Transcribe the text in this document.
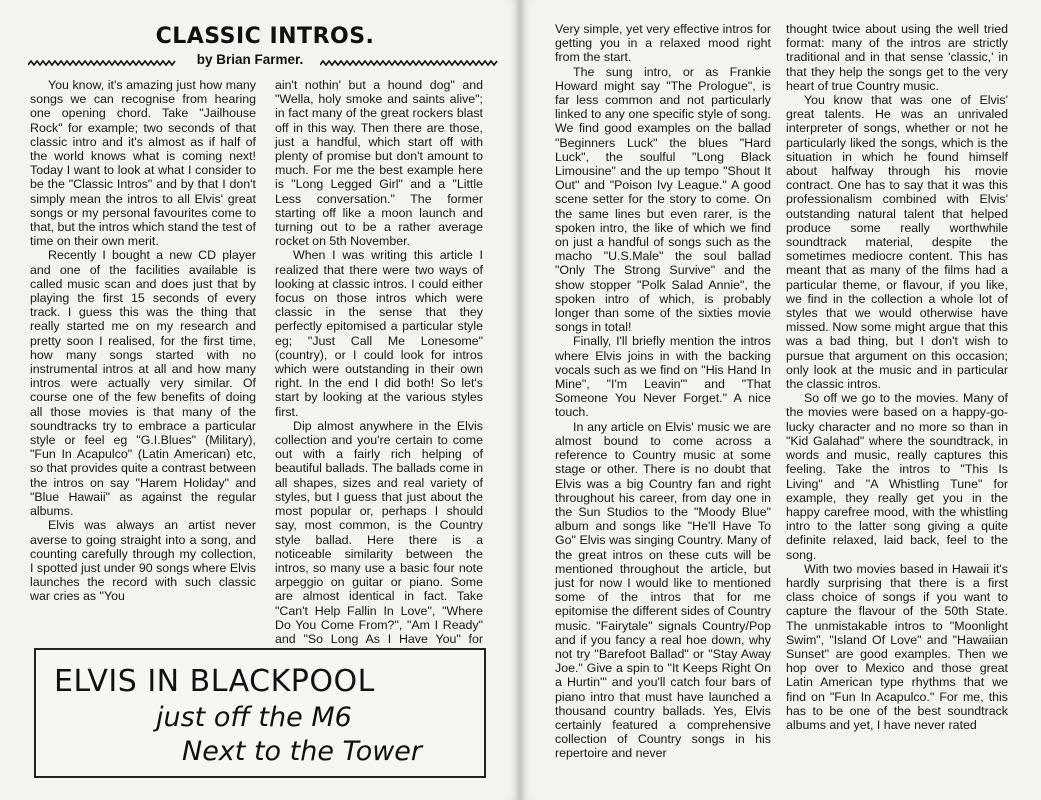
CLASSIC INTROS.
by Brian Farmer.

You know, it's amazing just how many songs we can recognise from hearing one opening chord. Take "Jailhouse Rock" for example; two seconds of that classic intro and it's almost as if half of the world knows what is coming next! Today I want to look at what I consider to be the "Classic Intros" and by that I don't simply mean the intros to all Elvis' great songs or my personal favourites come to that, but the intros which stand the test of time on their own merit.

Recently I bought a new CD player and one of the facilities available is called music scan and does just that by playing the first 15 seconds of every track. I guess this was the thing that really started me on my research and pretty soon I realised, for the first time, how many songs started with no instrumental intros at all and how many intros were actually very similar. Of course one of the few benefits of doing all those movies is that many of the soundtracks try to embrace a particular style or feel eg "G.I.Blues" (Military), "Fun In Acapulco" (Latin American) etc, so that provides quite a contrast between the intros on say "Harem Holiday" and "Blue Hawaii" as against the regular albums.

Elvis was always an artist never averse to going straight into a song, and counting carefully through my collection, I spotted just under 90 songs where Elvis launches the record with such classic war cries as "You

ain't nothin' but a hound dog" and "Wella, holy smoke and saints alive"; in fact many of the great rockers blast off in this way. Then there are those, just a handful, which start off with plenty of promise but don't amount to much. For me the best example here is "Long Legged Girl" and a "Little Less conversation." The former starting off like a moon launch and turning out to be a rather average rocket on 5th November.

When I was writing this article I realized that there were two ways of looking at classic intros. I could either focus on those intros which were classic in the sense that they perfectly epitomised a particular style eg; "Just Call Me Lonesome" (country), or I could look for intros which were outstanding in their own right. In the end I did both! So let's start by looking at the various styles first.

Dip almost anywhere in the Elvis collection and you're certain to come out with a fairly rich helping of beautiful ballads. The ballads come in all shapes, sizes and real variety of styles, but I guess that just about the most popular or, perhaps I should say, most common, is the Country style ballad. Here there is a noticeable similarity between the intros, so many use a basic four note arpeggio on guitar or piano. Some are almost identical in fact. Take "Can't Help Fallin In Love", "Where Do You Come From?", "Am I Ready" and "So Long As I Have You" for

ELVIS IN BLACKPOOL
just off the M6
Next to the Tower

Very simple, yet very effective intros for getting you in a relaxed mood right from the start.

The sung intro, or as Frankie Howard might say "The Prologue", is far less common and not particularly linked to any one specific style of song. We find good examples on the ballad "Beginners Luck" the blues "Hard Luck", the soulful "Long Black Limousine" and the up tempo "Shout It Out" and "Poison Ivy League." A good scene setter for the story to come. On the same lines but even rarer, is the spoken intro, the like of which we find on just a handful of songs such as the macho "U.S.Male" the soul ballad "Only The Strong Survive" and the show stopper "Polk Salad Annie", the spoken intro of which, is probably longer than some of the sixties movie songs in total!

Finally, I'll briefly mention the intros where Elvis joins in with the backing vocals such as we find on "His Hand In Mine", "I'm Leavin'" and "That Someone You Never Forget." A nice touch.

In any article on Elvis' music we are almost bound to come across a reference to Country music at some stage or other. There is no doubt that Elvis was a big Country fan and right throughout his career, from day one in the Sun Studios to the "Moody Blue" album and songs like "He'll Have To Go" Elvis was singing Country. Many of the great intros on these cuts will be mentioned throughout the article, but just for now I would like to mentioned some of the intros that for me epitomise the different sides of Country music. "Fairytale" signals Country/Pop and if you fancy a real hoe down, why not try "Barefoot Ballad" or "Stay Away Joe." Give a spin to "It Keeps Right On a Hurtin'" and you'll catch four bars of piano intro that must have launched a thousand country ballads. Yes, Elvis certainly featured a comprehensive collection of Country songs in his repertoire and never

thought twice about using the well tried format: many of the intros are strictly traditional and in that sense 'classic,' in that they help the songs get to the very heart of true Country music.

You know that was one of Elvis' great talents. He was an unrivaled interpreter of songs, whether or not he particularly liked the songs, which is the situation in which he found himself about halfway through his movie contract. One has to say that it was this professionalism combined with Elvis' outstanding natural talent that helped produce some really worthwhile soundtrack material, despite the sometimes mediocre content. This has meant that as many of the films had a particular theme, or flavour, if you like, we find in the collection a whole lot of styles that we would otherwise have missed. Now some might argue that this was a bad thing, but I don't wish to pursue that argument on this occasion; only look at the music and in particular the classic intros.

So off we go to the movies. Many of the movies were based on a happy-go-lucky character and no more so than in "Kid Galahad" where the soundtrack, in words and music, really captures this feeling. Take the intros to "This Is Living" and "A Whistling Tune" for example, they really get you in the happy carefree mood, with the whistling intro to the latter song giving a quite definite relaxed, laid back, feel to the song.

With two movies based in Hawaii it's hardly surprising that there is a first class choice of songs if you want to capture the flavour of the 50th State. The unmistakable intros to "Moonlight Swim", "Island Of Love" and "Hawaiian Sunset" are good examples. Then we hop over to Mexico and those great Latin American type rhythms that we find on "Fun In Acapulco." For me, this has to be one of the best soundtrack albums and yet, I have never rated
